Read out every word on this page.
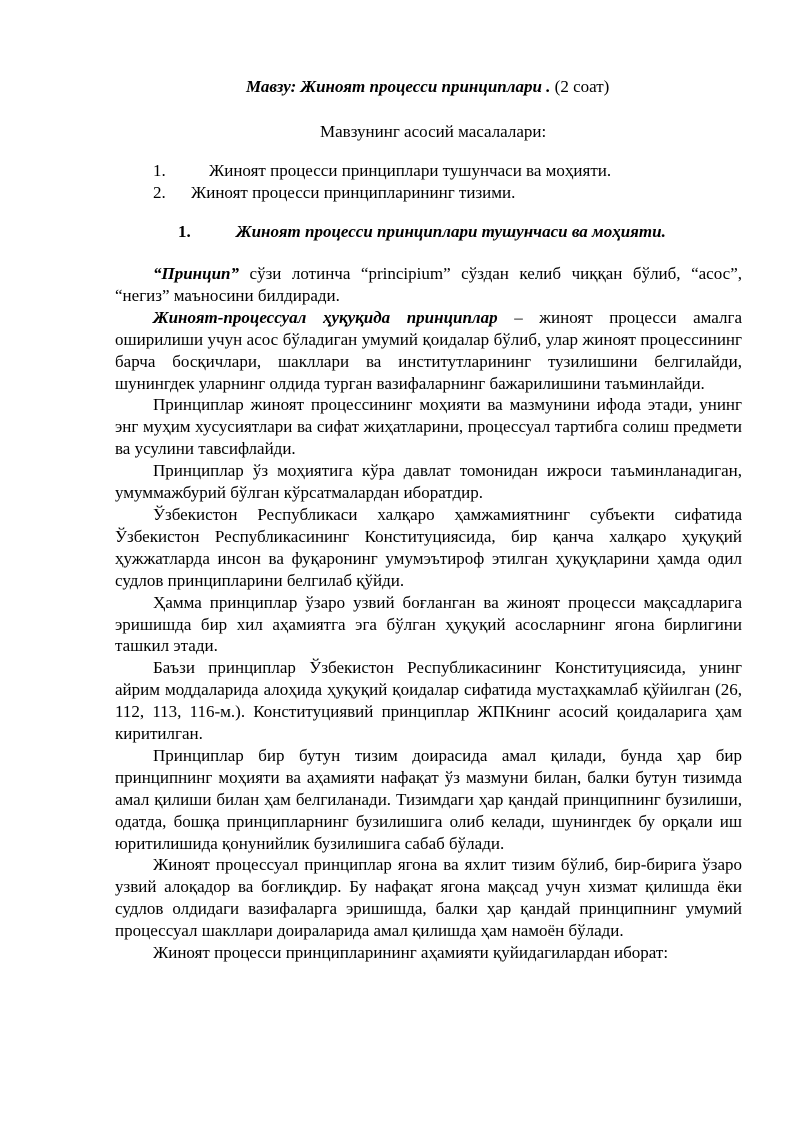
Мавзу: Жиноят процесси принциплари . (2 соат)
Мавзунинг асосий масалалари:
1.	Жиноят процесси принциплари тушунчаси ва моҳияти.
2. Жиноят процесси принципларининг тизими.
1.	Жиноят процесси принциплари тушунчаси ва моҳияти.

“Принцип” сўзи лотинча “principium” сўздан келиб чиққан бўлиб, “асос”, “негиз” маъносини билдиради.

Жиноят-процессуал ҳуқуқида принциплар – жиноят процесси амалга оширилиши учун асос бўладиган умумий қоидалар бўлиб, улар жиноят процессининг барча босқичлари, шакллари ва институтларининг тузилишини белгилайди, шунингдек уларнинг олдида турган вазифаларнинг бажарилишини таъминлайди.

Принциплар жиноят процессининг моҳияти ва мазмунини ифода этади, унинг энг муҳим хусусиятлари ва сифат жиҳатларини, процессуал тартибга солиш предмети ва усулини тавсифлайди.

Принциплар ўз моҳиятига кўра давлат томонидан ижроси таъминланадиган, умуммажбурий бўлган кўрсатмалардан иборатдир.

Ўзбекистон Республикаси халқаро ҳамжамиятнинг субъекти сифатида Ўзбекистон Республикасининг Конституциясида, бир қанча халқаро ҳуқуқий ҳужжатларда инсон ва фуқаронинг умумэътироф этилган ҳуқуқларини ҳамда одил судлов принципларини белгилаб қўйди.

Ҳамма принциплар ўзаро узвий боғланган ва жиноят процесси мақсадларига эришишда бир хил аҳамиятга эга бўлган ҳуқуқий асосларнинг ягона бирлигини ташкил этади.

Баъзи принциплар Ўзбекистон Республикасининг Конституциясида, унинг айрим моддаларида алоҳида ҳуқуқий қоидалар сифатида мустаҳкамлаб қўйилган (26, 112, 113, 116-м.). Конституциявий принциплар ЖПКнинг асосий қоидаларига ҳам киритилган.

Принциплар бир бутун тизим доирасида амал қилади, бунда ҳар бир принципнинг моҳияти ва аҳамияти нафақат ўз мазмуни билан, балки бутун тизимда амал қилиши билан ҳам белгиланади. Тизимдаги ҳар қандай принципнинг бузилиши, одатда, бошқа принципларнинг бузилишига олиб келади, шунингдек бу орқали иш юритилишида қонунийлик бузилишига сабаб бўлади.

Жиноят процессуал принциплар ягона ва яхлит тизим бўлиб, бир-бирига ўзаро узвий алоқадор ва боғлиқдир. Бу нафақат ягона мақсад учун хизмат қилишда ёки судлов олдидаги вазифаларга эришишда, балки ҳар қандай принципнинг умумий процессуал шакллари доираларида амал қилишда ҳам намоён бўлади.

Жиноят процесси принципларининг аҳамияти қуйидагилардан иборат:
